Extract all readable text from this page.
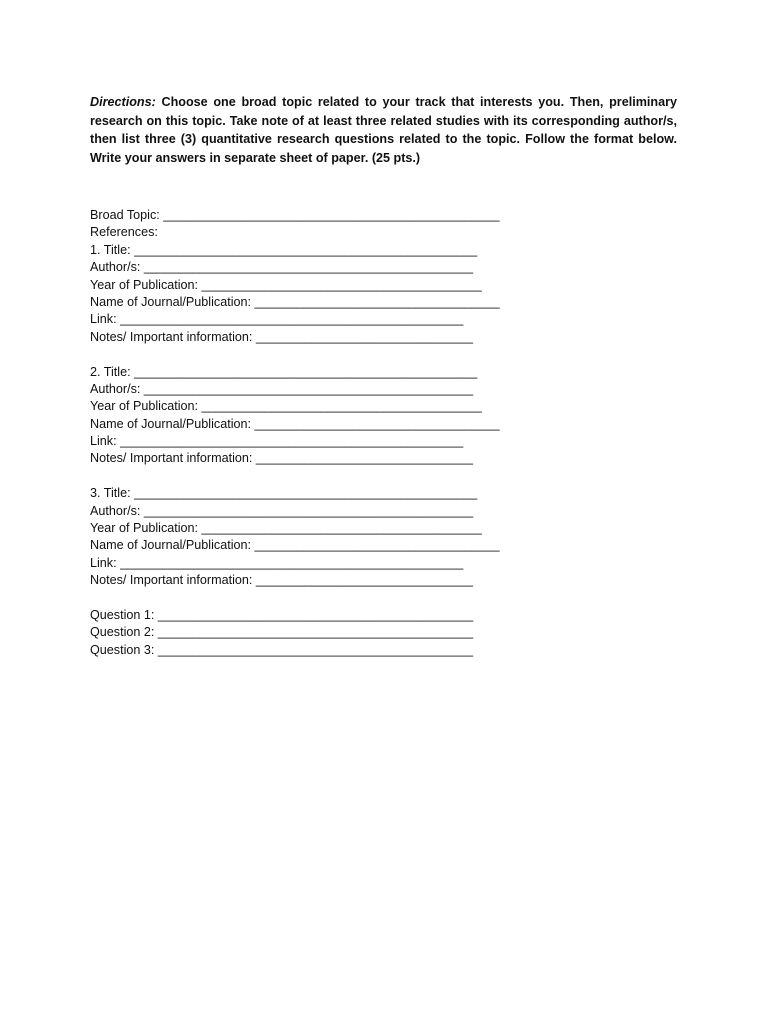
Directions: Choose one broad topic related to your track that interests you. Then, preliminary research on this topic. Take note of at least three related studies with its corresponding author/s, then list three (3) quantitative research questions related to the topic. Follow the format below. Write your answers in separate sheet of paper. (25 pts.)

Broad Topic: ________________________________________________
References:
1. Title: _________________________________________________
Author/s: _______________________________________________
Year of Publication: ________________________________________
Name of Journal/Publication: ___________________________________
Link: _________________________________________________
Notes/ Important information: _______________________________
2. Title: _________________________________________________
Author/s: _______________________________________________
Year of Publication: ________________________________________
Name of Journal/Publication: ___________________________________
Link: _________________________________________________
Notes/ Important information: _______________________________
3. Title: _________________________________________________
Author/s: _______________________________________________
Year of Publication: ________________________________________
Name of Journal/Publication: ___________________________________
Link: _________________________________________________
Notes/ Important information: _______________________________
Question 1: _____________________________________________
Question 2: _____________________________________________
Question 3: _____________________________________________
